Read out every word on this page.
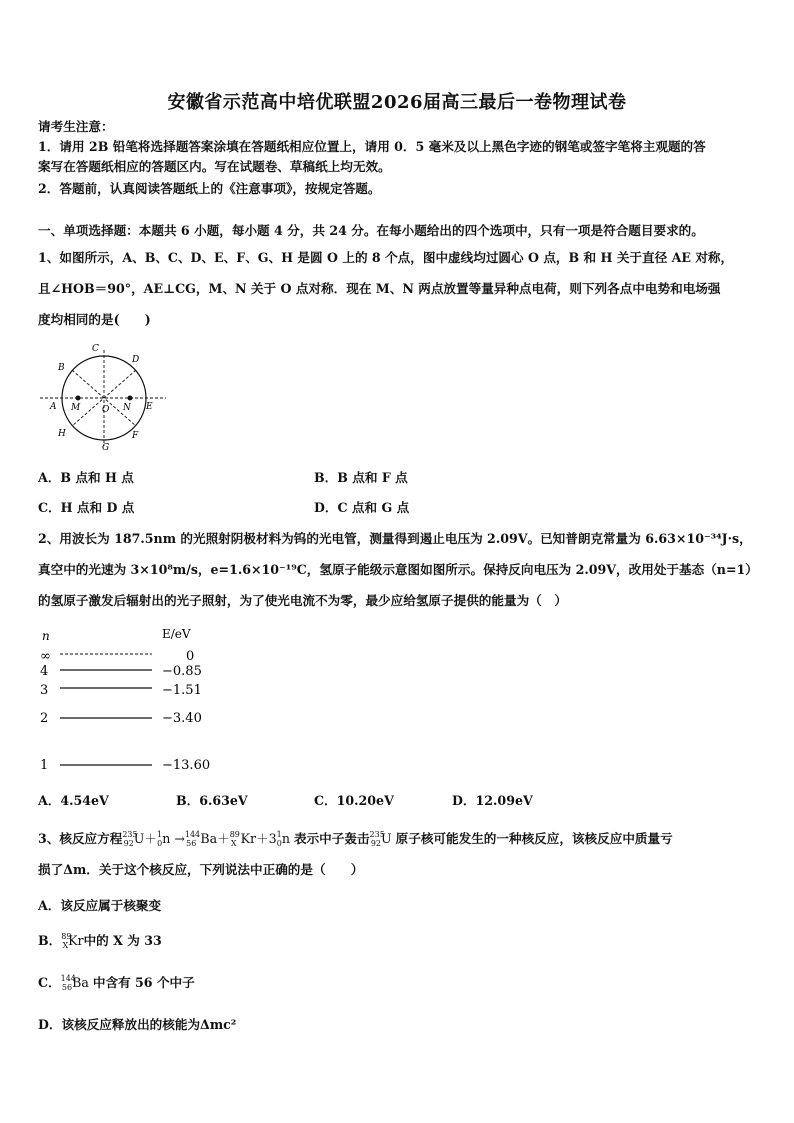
安徽省示范高中培优联盟2026届高三最后一卷物理试卷
请考生注意：
1．请用 2B 铅笔将选择题答案涂填在答题纸相应位置上，请用 0．5 毫米及以上黑色字迹的钢笔或签字笔将主观题的答
案写在答题纸相应的答题区内。写在试题卷、草稿纸上均无效。
2．答题前，认真阅读答题纸上的《注意事项》，按规定答题。
一、单项选择题：本题共 6 小题，每小题 4 分，共 24 分。在每小题给出的四个选项中，只有一项是符合题目要求的。
1、如图所示，A、B、C、D、E、F、G、H 是圆 O 上的 8 个点，图中虚线均过圆心 O 点，B 和 H 关于直径 AE 对称，
且∠HOB＝90°，AE⊥CG，M、N 关于 O 点对称．现在 M、N 两点放置等量异种点电荷，则下列各点中电势和电场强
度均相同的是(　　)
C
D
B
A M O N E
H	F
G
A．B 点和 H 点	B．B 点和 F 点
C．H 点和 D 点	D．C 点和 G 点
2、用波长为 187.5nm 的光照射阴极材料为钨的光电管，测量得到遏止电压为 2.09V。已知普朗克常量为 6.63×10⁻³⁴J·s，
真空中的光速为 3×10⁸m/s，e=1.6×10⁻¹⁹C，氢原子能级示意图如图所示。保持反向电压为 2.09V，改用处于基态（n=1）
的氢原子激发后辐射出的光子照射，为了使光电流不为零，最少应给氢原子提供的能量为（　）
n	E/eV
∞	0
4	−0.85
3	−1.51
2	−3.40
1	−13.60
A．4.54eV	B．6.63eV	C．10.20eV	D．12.09eV
3、核反应方程$^{235}_{92}$U＋$^1_0$n →$^{144}_{56}$ Ba＋$^{89}_X$ $Kr+3^1_0n$ 表示中子轰击$^{235}_{92}$U 原子核可能发生的一种核反应，该核反应中质量亏
损了Δm．关于这个核反应，下列说法中正确的是（　　）
A．该反应属于核聚变
B．$^{89}_X$Kr中的 X 为 33
C．$^{144}_{56}$Ba 中含有 56 个中子
D．该核反应释放出的核能为Δmc²
